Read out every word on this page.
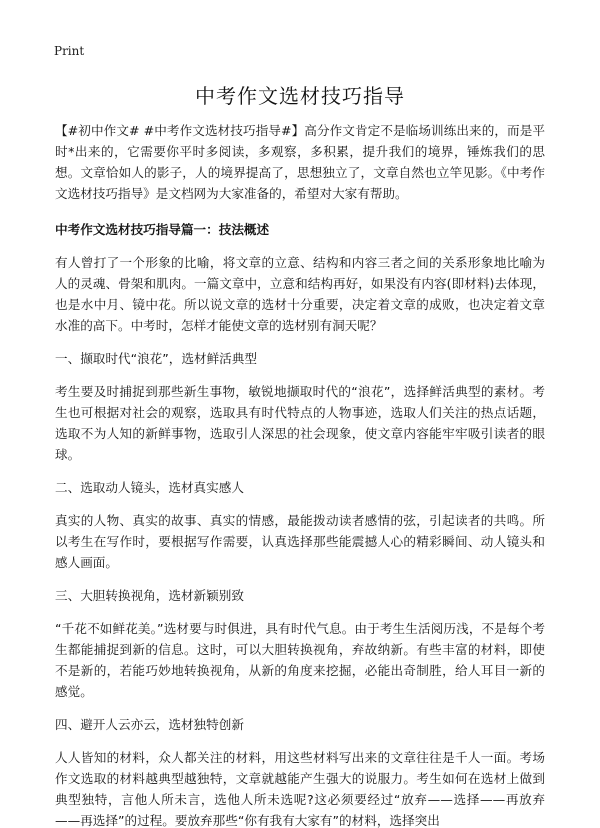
Print
中考作文选材技巧指导

【#初中作文# #中考作文选材技巧指导#】高分作文肯定不是临场训练出来的，而是平时*出来的，它需要你平时多阅读，多观察，多积累，提升我们的境界，锤炼我们的思想。文章恰如人的影子，人的境界提高了，思想独立了，文章自然也立竿见影。《中考作文选材技巧指导》是文档网为大家准备的，希望对大家有帮助。

中考作文选材技巧指导篇一：技法概述

有人曾打了一个形象的比喻，将文章的立意、结构和内容三者之间的关系形象地比喻为人的灵魂、骨架和肌肉。一篇文章中，立意和结构再好，如果没有内容(即材料)去体现，也是水中月、镜中花。所以说文章的选材十分重要，决定着文章的成败，也决定着文章水准的高下。中考时，怎样才能使文章的选材别有洞天呢？

一、撷取时代“浪花”，选材鲜活典型

考生要及时捕捉到那些新生事物，敏锐地撷取时代的“浪花”，选择鲜活典型的素材。考生也可根据对社会的观察，选取具有时代特点的人物事迹，选取人们关注的热点话题，选取不为人知的新鲜事物，选取引人深思的社会现象，使文章内容能牢牢吸引读者的眼球。

二、选取动人镜头，选材真实感人

真实的人物、真实的故事、真实的情感，最能拨动读者感情的弦，引起读者的共鸣。所以考生在写作时，要根据写作需要，认真选择那些能震撼人心的精彩瞬间、动人镜头和感人画面。

三、大胆转换视角，选材新颖别致

“千花不如鲜花美。”选材要与时俱进，具有时代气息。由于考生生活阅历浅，不是每个考生都能捕捉到新的信息。这时，可以大胆转换视角，弃故纳新。有些丰富的材料，即使不是新的，若能巧妙地转换视角，从新的角度来挖掘，必能出奇制胜，给人耳目一新的感觉。

四、避开人云亦云，选材独特创新

人人皆知的材料，众人都关注的材料，用这些材料写出来的文章往往是千人一面。考场作文选取的材料越典型越独特，文章就越能产生强大的说服力。考生如何在选材上做到典型独特，言他人所未言，选他人所未选呢?这必须要经过“放弃——选择——再放弃——再选择”的过程。要放弃那些“你有我有大家有”的材料，选择突出
